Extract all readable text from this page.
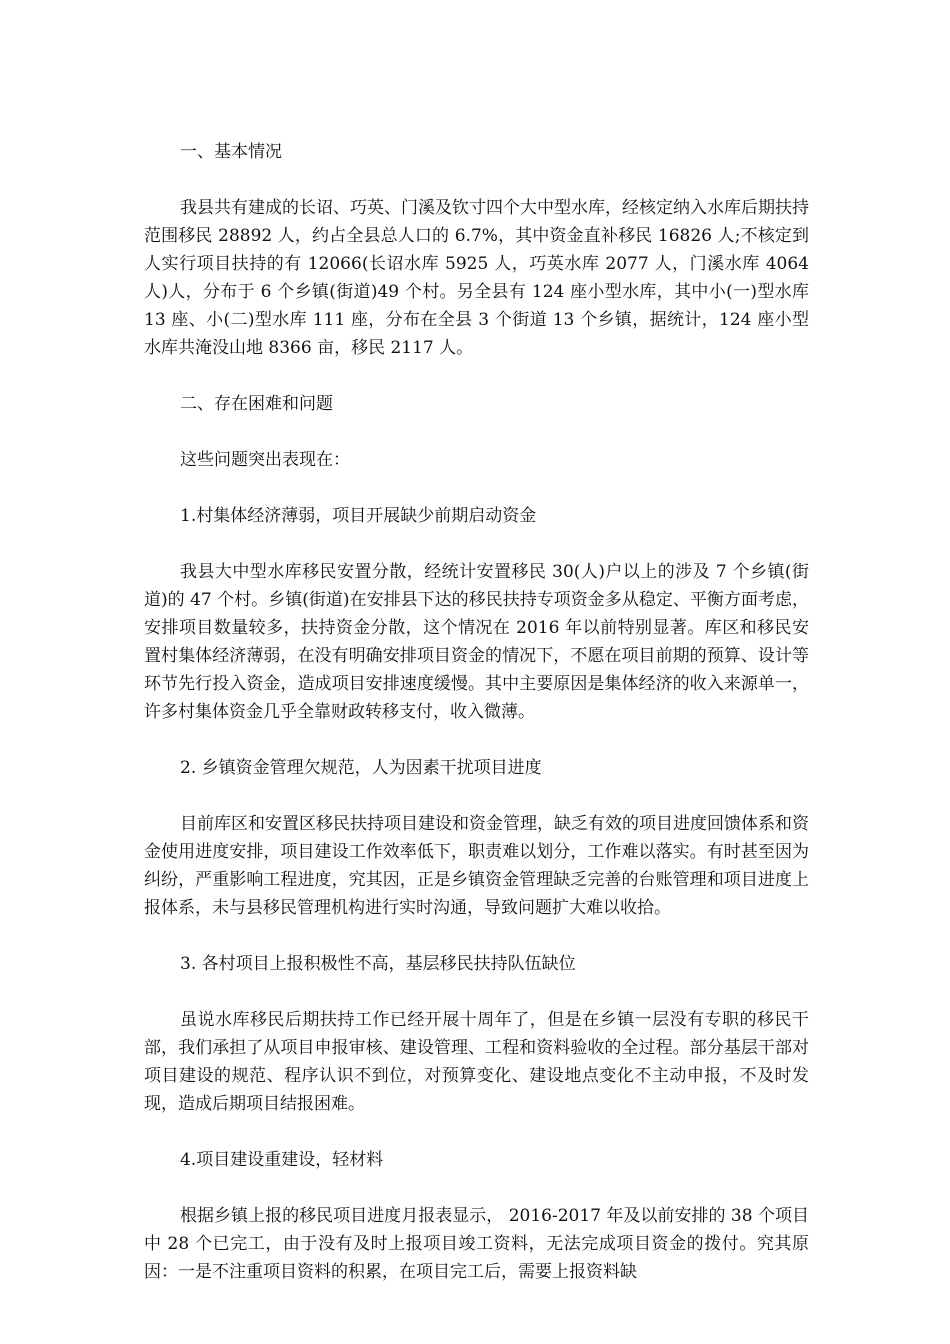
一、基本情况

我县共有建成的长诏、巧英、门溪及钦寸四个大中型水库，经核定纳入水库后期扶持范围移民 28892 人，约占全县总人口的 6.7%，其中资金直补移民 16826 人;不核定到人实行项目扶持的有 12066(长诏水库 5925 人，巧英水库 2077 人，门溪水库 4064 人)人，分布于 6 个乡镇(街道)49 个村。另全县有 124 座小型水库，其中小(一)型水库 13 座、小(二)型水库 111 座，分布在全县 3 个街道 13 个乡镇，据统计，124 座小型水库共淹没山地 8366 亩，移民 2117 人。

二、存在困难和问题

这些问题突出表现在：

1.村集体经济薄弱，项目开展缺少前期启动资金

我县大中型水库移民安置分散，经统计安置移民 30(人)户以上的涉及 7 个乡镇(街道)的 47 个村。乡镇(街道)在安排县下达的移民扶持专项资金多从稳定、平衡方面考虑，安排项目数量较多，扶持资金分散，这个情况在 2016 年以前特别显著。库区和移民安置村集体经济薄弱，在没有明确安排项目资金的情况下，不愿在项目前期的预算、设计等环节先行投入资金，造成项目安排速度缓慢。其中主要原因是集体经济的收入来源单一，许多村集体资金几乎全靠财政转移支付，收入微薄。

2. 乡镇资金管理欠规范，人为因素干扰项目进度

目前库区和安置区移民扶持项目建设和资金管理，缺乏有效的项目进度回馈体系和资金使用进度安排，项目建设工作效率低下，职责难以划分，工作难以落实。有时甚至因为纠纷，严重影响工程进度，究其因，正是乡镇资金管理缺乏完善的台账管理和项目进度上报体系，未与县移民管理机构进行实时沟通，导致问题扩大难以收拾。

3. 各村项目上报积极性不高，基层移民扶持队伍缺位

虽说水库移民后期扶持工作已经开展十周年了，但是在乡镇一层没有专职的移民干部，我们承担了从项目申报审核、建设管理、工程和资料验收的全过程。部分基层干部对项目建设的规范、程序认识不到位，对预算变化、建设地点变化不主动申报，不及时发现，造成后期项目结报困难。

4.项目建设重建设，轻材料

根据乡镇上报的移民项目进度月报表显示， 2016-2017 年及以前安排的 38 个项目中 28 个已完工，由于没有及时上报项目竣工资料，无法完成项目资金的拨付。究其原因：一是不注重项目资料的积累，在项目完工后，需要上报资料缺
